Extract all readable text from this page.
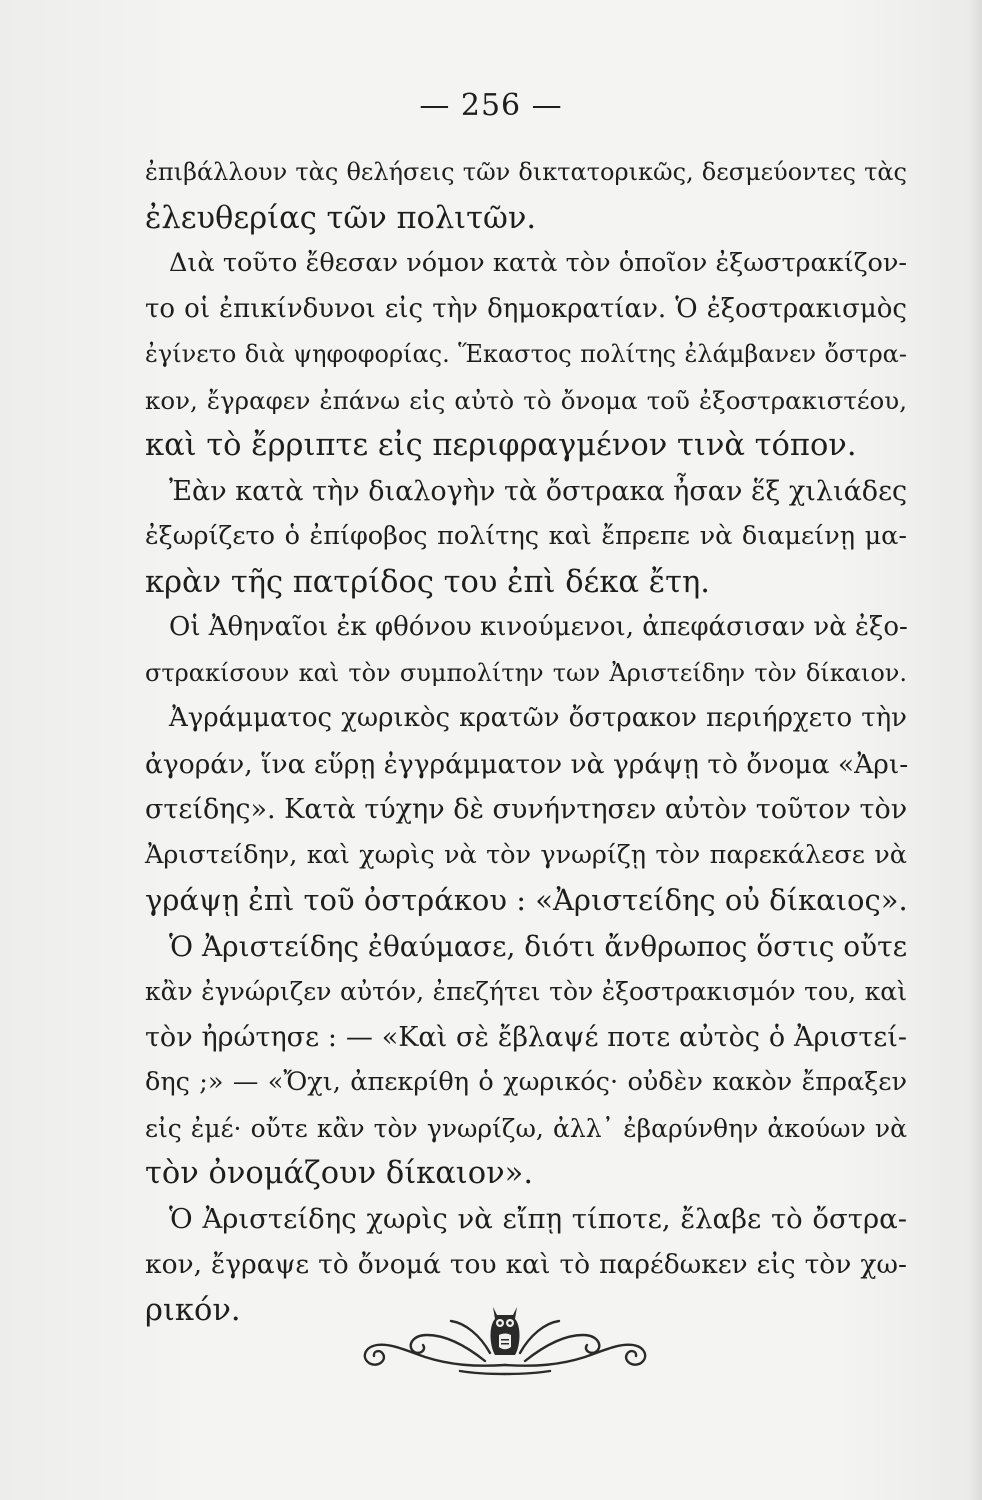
— 256 —
ἐπιβάλλουν τὰς θελήσεις τῶν δικτατορικῶς, δεσμεύοντες τὰς
ἐλευθερίας τῶν πολιτῶν.
Διὰ τοῦτο ἔθεσαν νόμον κατὰ τὸν ὁποῖον ἐξωστρακίζον-
το οἱ ἐπικίνδυνοι εἰς τὴν δημοκρατίαν. Ὁ ἐξοστρακισμὸς
ἐγίνετο διὰ ψηφοφορίας. Ἕκαστος πολίτης ἐλάμβανεν ὄστρα-
κον, ἔγραφεν ἐπάνω εἰς αὐτὸ τὸ ὄνομα τοῦ ἐξοστρακιστέου,
καὶ τὸ ἔρριπτε εἰς περιφραγμένον τινὰ τόπον.
Ἐὰν κατὰ τὴν διαλογὴν τὰ ὄστρακα ἦσαν ἕξ χιλιάδες
ἐξωρίζετο ὁ ἐπίφοβος πολίτης καὶ ἔπρεπε νὰ διαμείνῃ μα-
κρὰν τῆς πατρίδος του ἐπὶ δέκα ἔτη.
Οἱ Ἀθηναῖοι ἐκ φθόνου κινούμενοι, ἀπεφάσισαν νὰ ἐξο-
στρακίσουν καὶ τὸν συμπολίτην των Ἀριστείδην τὸν δίκαιον.
Ἀγράμματος χωρικὸς κρατῶν ὄστρακον περιήρχετο τὴν
ἀγοράν, ἵνα εὕρῃ ἐγγράμματον νὰ γράψῃ τὸ ὄνομα «Ἀρι-
στείδης». Κατὰ τύχην δὲ συνήντησεν αὐτὸν τοῦτον τὸν
Ἀριστείδην, καὶ χωρὶς νὰ τὸν γνωρίζῃ τὸν παρεκάλεσε νὰ
γράψῃ ἐπὶ τοῦ ὀστράκου : «Ἀριστείδης οὐ δίκαιος».
Ὁ Ἀριστείδης ἐθαύμασε, διότι ἄνθρωπος ὅστις οὔτε
κἂν ἐγνώριζεν αὐτόν, ἐπεζήτει τὸν ἐξοστρακισμόν του, καὶ
τὸν ἠρώτησε : — «Καὶ σὲ ἔβλαψέ ποτε αὐτὸς ὁ Ἀριστεί-
δης ;» — «Ὄχι, ἀπεκρίθη ὁ χωρικός· οὐδὲν κακὸν ἔπραξεν
εἰς ἐμέ· οὔτε κἂν τὸν γνωρίζω, ἀλλ᾽ ἐβαρύνθην ἀκούων νὰ
τὸν ὀνομάζουν δίκαιον».
Ὁ Ἀριστείδης χωρὶς νὰ εἴπῃ τίποτε, ἔλαβε τὸ ὄστρα-
κον, ἔγραψε τὸ ὄνομά του καὶ τὸ παρέδωκεν εἰς τὸν χω-
ρικόν.
